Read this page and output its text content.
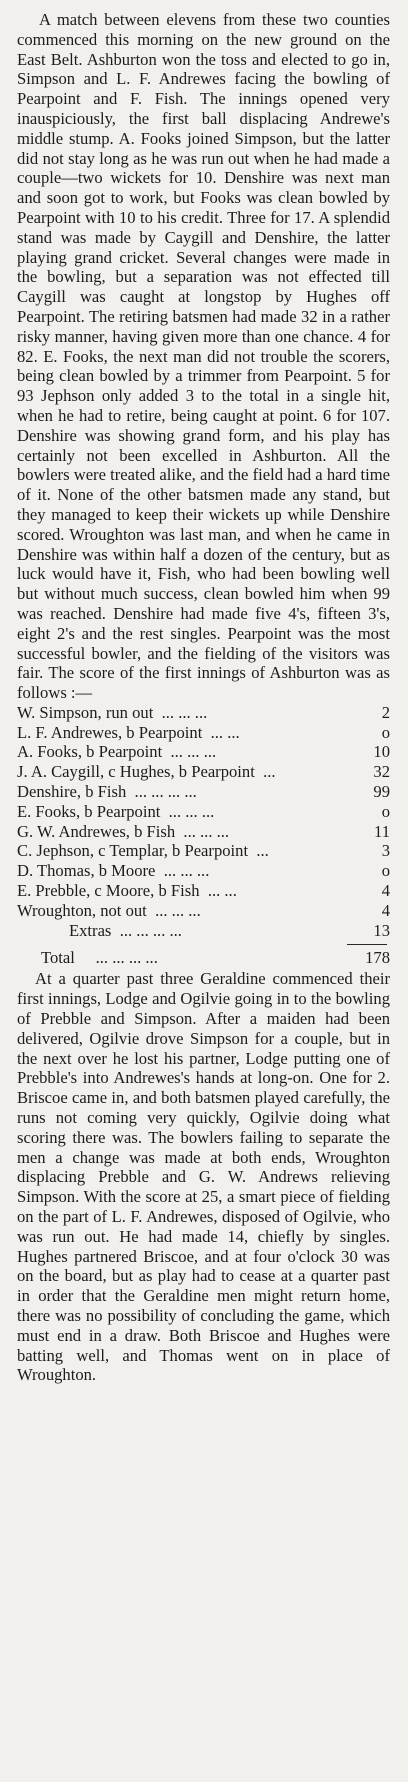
A match between elevens from these two counties commenced this morning on the new ground on the East Belt. Ashburton won the toss and elected to go in, Simpson and L. F. Andrewes facing the bowling of Pearpoint and F. Fish. The innings opened very inauspiciously, the first ball displacing Andrewe's middle stump. A. Fooks joined Simpson, but the latter did not stay long as he was run out when he had made a couple—two wickets for 10. Denshire was next man and soon got to work, but Fooks was clean bowled by Pearpoint with 10 to his credit. Three for 17. A splendid stand was made by Caygill and Denshire, the latter playing grand cricket. Several changes were made in the bowling, but a separation was not effected till Caygill was caught at longstop by Hughes off Pearpoint. The retiring batsmen had made 32 in a rather risky manner, having given more than one chance. 4 for 82. E. Fooks, the next man did not trouble the scorers, being clean bowled by a trimmer from Pearpoint. 5 for 93 Jephson only added 3 to the total in a single hit, when he had to retire, being caught at point. 6 for 107. Denshire was showing grand form, and his play has certainly not been excelled in Ashburton. All the bowlers were treated alike, and the field had a hard time of it. None of the other batsmen made any stand, but they managed to keep their wickets up while Denshire scored. Wroughton was last man, and when he came in Denshire was within half a dozen of the century, but as luck would have it, Fish, who had been bowling well but without much success, clean bowled him when 99 was reached. Denshire had made five 4's, fifteen 3's, eight 2's and the rest singles. Pearpoint was the most successful bowler, and the fielding of the visitors was fair. The score of the first innings of Ashburton was as follows :—

W. Simpson, run out ... ... ...	2
L. F. Andrewes, b Pearpoint ... ...	o
A. Fooks, b Pearpoint ... ... ...	10
J. A. Caygill, c Hughes, b Pearpoint ...	32
Denshire, b Fish ... ... ... ...	99
E. Fooks, b Pearpoint ... ... ...	o
G. W. Andrewes, b Fish ... ... ...	11
C. Jephson, c Templar, b Pearpoint ...	3
D. Thomas, b Moore ... ... ...	o
E. Prebble, c Moore, b Fish ... ...	4
Wroughton, not out ... ... ...	4
Extras ... ... ... ...	13
Total ... ... ... ...	178

At a quarter past three Geraldine commenced their first innings, Lodge and Ogilvie going in to the bowling of Prebble and Simpson. After a maiden had been delivered, Ogilvie drove Simpson for a couple, but in the next over he lost his partner, Lodge putting one of Prebble's into Andrewes's hands at long-on. One for 2. Briscoe came in, and both batsmen played carefully, the runs not coming very quickly, Ogilvie doing what scoring there was. The bowlers failing to separate the men a change was made at both ends, Wroughton displacing Prebble and G. W. Andrews relieving Simpson. With the score at 25, a smart piece of fielding on the part of L. F. Andrewes, disposed of Ogilvie, who was run out. He had made 14, chiefly by singles. Hughes partnered Briscoe, and at four o'clock 30 was on the board, but as play had to cease at a quarter past in order that the Geraldine men might return home, there was no possibility of concluding the game, which must end in a draw. Both Briscoe and Hughes were batting well, and Thomas went on in place of Wroughton.
